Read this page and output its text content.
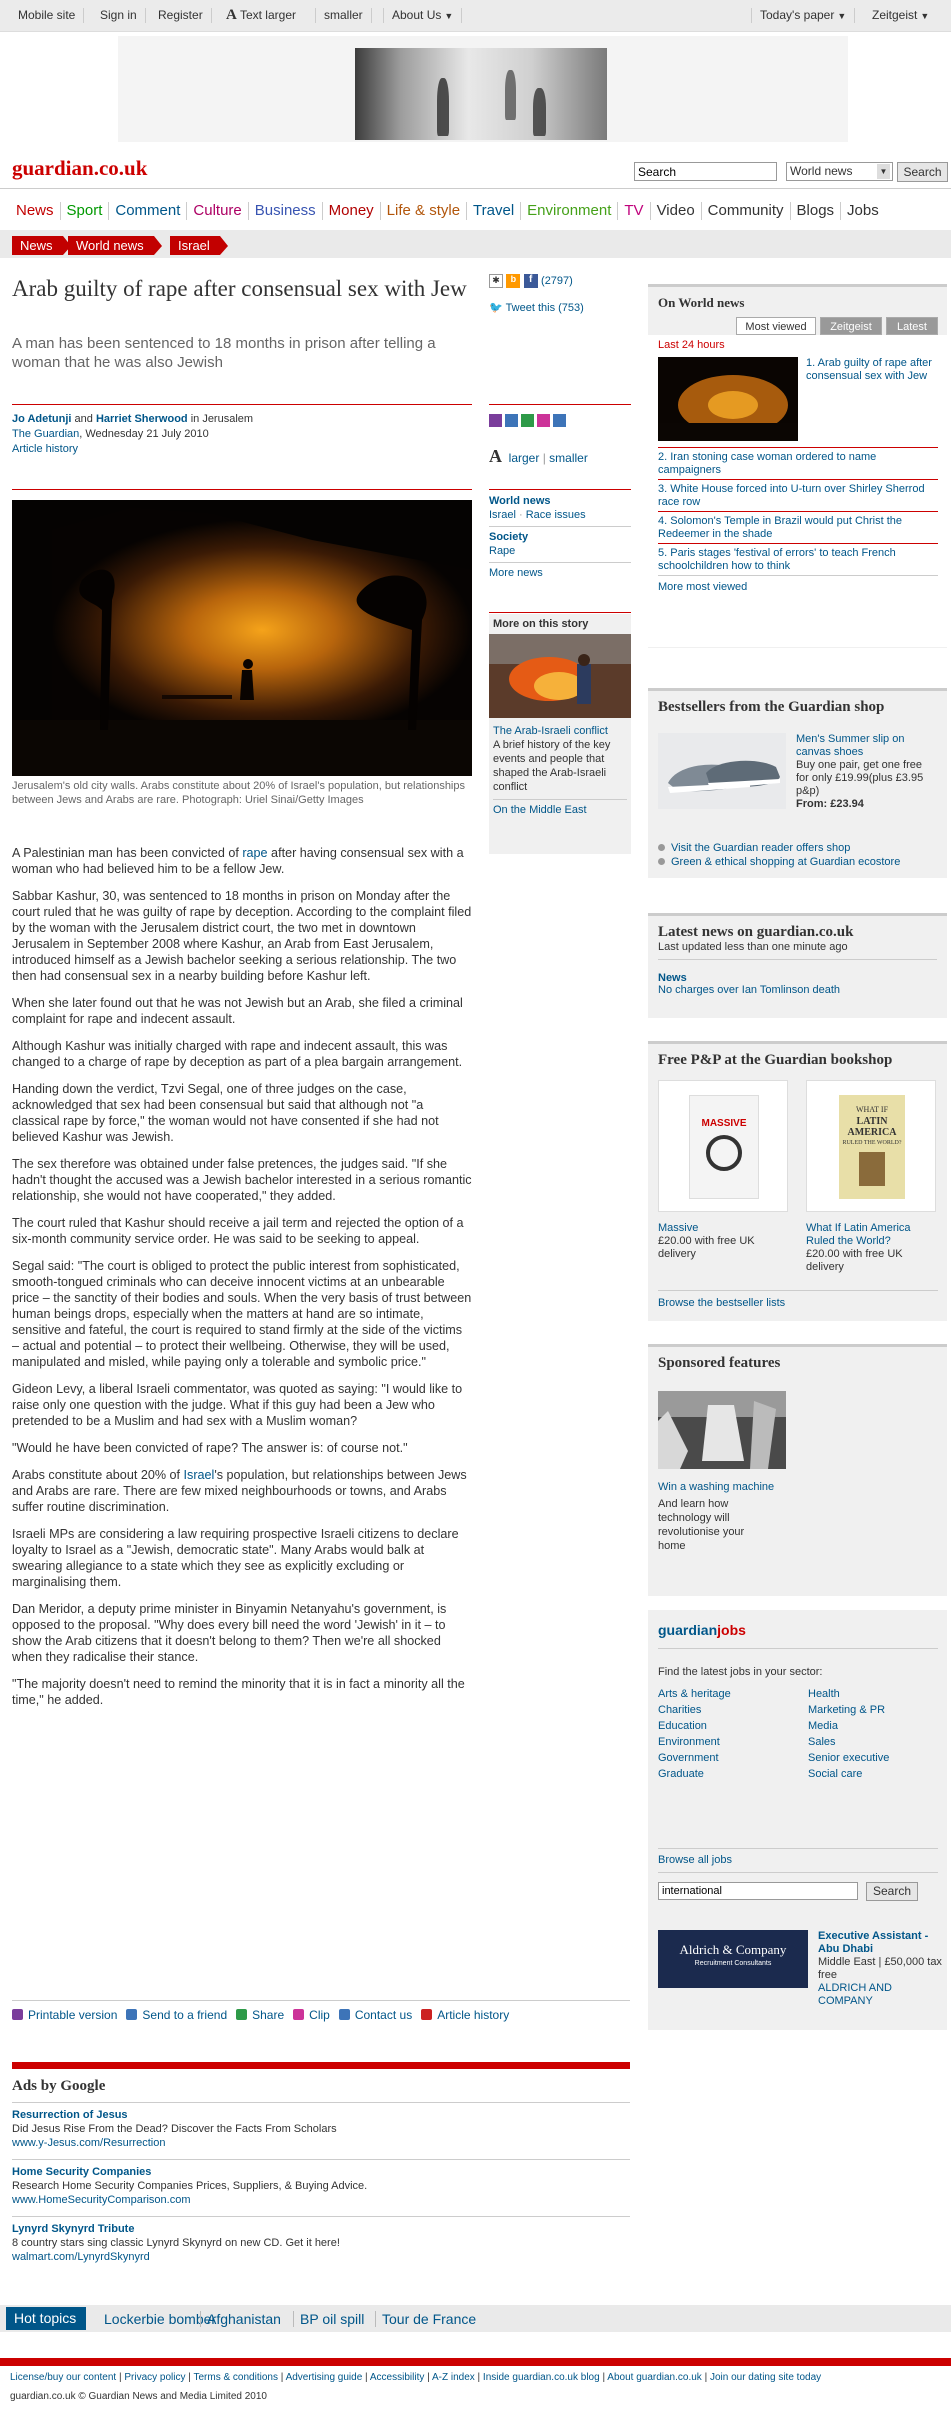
Mobile site	Sign in	Register	A Text larger	smaller	About Us ▼	Today's paper ▼	Zeitgeist ▼
guardian.co.uk
Search	World news	▼	Search
News Sport Comment Culture Business Money Life & style Travel Environment TV Video Community Blogs Jobs
News	World news	Israel
Arab guilty of rape after consensual sex with Jew
A man has been sentenced to 18 months in prison after telling a woman that he was also Jewish
Jo Adetunji and Harriet Sherwood in Jerusalem
The Guardian, Wednesday 21 July 2010
Article history
Jerusalem's old city walls. Arabs constitute about 20% of Israel's population, but relationships between Jews and Arabs are rare. Photograph: Uriel Sinai/Getty Images

A Palestinian man has been convicted of rape after having consensual sex with a woman who had believed him to be a fellow Jew.

Sabbar Kashur, 30, was sentenced to 18 months in prison on Monday after the court ruled that he was guilty of rape by deception. According to the complaint filed by the woman with the Jerusalem district court, the two met in downtown Jerusalem in September 2008 where Kashur, an Arab from East Jerusalem, introduced himself as a Jewish bachelor seeking a serious relationship. The two then had consensual sex in a nearby building before Kashur left.

When she later found out that he was not Jewish but an Arab, she filed a criminal complaint for rape and indecent assault.

Although Kashur was initially charged with rape and indecent assault, this was changed to a charge of rape by deception as part of a plea bargain arrangement.

Handing down the verdict, Tzvi Segal, one of three judges on the case, acknowledged that sex had been consensual but said that although not "a classical rape by force," the woman would not have consented if she had not believed Kashur was Jewish.

The sex therefore was obtained under false pretences, the judges said. "If she hadn't thought the accused was a Jewish bachelor interested in a serious romantic relationship, she would not have cooperated," they added.

The court ruled that Kashur should receive a jail term and rejected the option of a six-month community service order. He was said to be seeking to appeal.

Segal said: "The court is obliged to protect the public interest from sophisticated, smooth-tongued criminals who can deceive innocent victims at an unbearable price – the sanctity of their bodies and souls. When the very basis of trust between human beings drops, especially when the matters at hand are so intimate, sensitive and fateful, the court is required to stand firmly at the side of the victims – actual and potential – to protect their wellbeing. Otherwise, they will be used, manipulated and misled, while paying only a tolerable and symbolic price."

Gideon Levy, a liberal Israeli commentator, was quoted as saying: "I would like to raise only one question with the judge. What if this guy had been a Jew who pretended to be a Muslim and had sex with a Muslim woman?

"Would he have been convicted of rape? The answer is: of course not."

Arabs constitute about 20% of Israel's population, but relationships between Jews and Arabs are rare. There are few mixed neighbourhoods or towns, and Arabs suffer routine discrimination.

Israeli MPs are considering a law requiring prospective Israeli citizens to declare loyalty to Israel as a "Jewish, democratic state". Many Arabs would balk at swearing allegiance to a state which they see as explicitly excluding or marginalising them.

Dan Meridor, a deputy prime minister in Binyamin Netanyahu's government, is opposed to the proposal. "Why does every bill need the word 'Jewish' in it – to show the Arab citizens that it doesn't belong to them? Then we're all shocked when they radicalise their stance.

"The majority doesn't need to remind the minority that it is in fact a minority all the time," he added.

Printable version Send to a friend Share Clip Contact us Article history
✱ b f (2797)
🐦 Tweet this (753)
A larger | smaller
World news
Israel · Race issues
Society
Rape
More news
More on this story
The Arab-Israeli conflict
A brief history of the key events and people that shaped the Arab-Israeli conflict
On the Middle East
On World news
Most viewed	Zeitgeist	Latest
Last 24 hours
1. Arab guilty of rape after consensual sex with Jew
2. Iran stoning case woman ordered to name campaigners
3. White House forced into U-turn over Shirley Sherrod race row
4. Solomon's Temple in Brazil would put Christ the Redeemer in the shade
5. Paris stages 'festival of errors' to teach French schoolchildren how to think
More most viewed
Bestsellers from the Guardian shop
Men's Summer slip on canvas shoes
Buy one pair, get one free for only £19.99(plus £3.95 p&p)
From: £23.94
Visit the Guardian reader offers shop
Green & ethical shopping at Guardian ecostore
Latest news on guardian.co.uk
Last updated less than one minute ago
News
No charges over Ian Tomlinson death
Free P&P at the Guardian bookshop
MASSIVE
WHAT IF
LATIN AMERICA
RULED THE WORLD?
Massive
£20.00 with free UK delivery
What If Latin America Ruled the World?
£20.00 with free UK delivery
Browse the bestseller lists
Sponsored features
Win a washing machine
And learn how technology will revolutionise your home
guardianjobs
Find the latest jobs in your sector:
Arts & heritage
Charities
Education
Environment
Government
Graduate
Health
Marketing & PR
Media
Sales
Senior executive
Social care
Browse all jobs
international
Search
Aldrich & Company
Recruitment Consultants
Executive Assistant - Abu Dhabi
Middle East | £50,000 tax free
ALDRICH AND COMPANY
Ads by Google
Resurrection of Jesus
Did Jesus Rise From the Dead? Discover the Facts From Scholars
www.y-Jesus.com/Resurrection
Home Security Companies
Research Home Security Companies Prices, Suppliers, & Buying Advice.
www.HomeSecurityComparison.com
Lynyrd Skynyrd Tribute
8 country stars sing classic Lynyrd Skynyrd on new CD. Get it here!
walmart.com/LynyrdSkynyrd
Hot topics	Lockerbie bomber
Afghanistan	BP oil spill	Tour de France
License/buy our content | Privacy policy | Terms & conditions | Advertising guide | Accessibility | A-Z index | Inside guardian.co.uk blog | About guardian.co.uk | Join our dating site today
guardian.co.uk © Guardian News and Media Limited 2010
